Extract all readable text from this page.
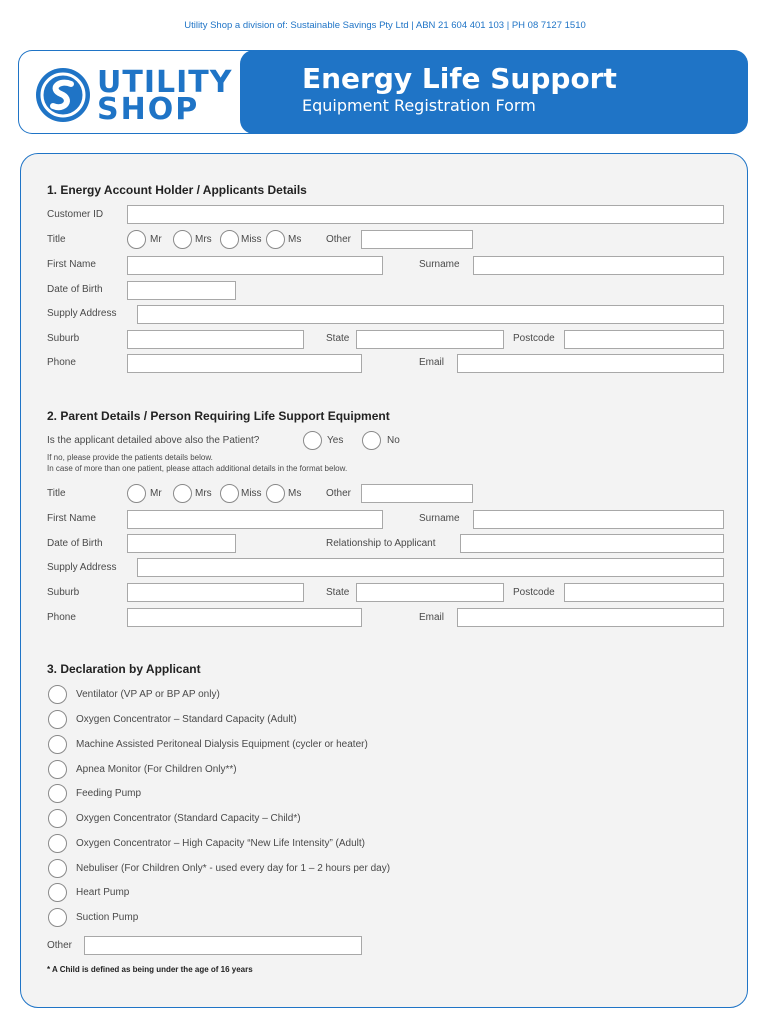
Utility Shop a division of: Sustainable Savings Pty Ltd | ABN 21 604 401 103 | PH 08 7127 1510
UTILITY
SHOP
Energy Life Support
Equipment Registration Form
1. Energy Account Holder / Applicants Details
Customer ID
Title	Mr	Mrs	Miss	Ms Other
First Name	Surname
Date of Birth
Supply Address
Suburb	State	Postcode
Phone	Email
2. Parent Details / Person Requiring Life Support Equipment
Is the applicant detailed above also the Patient?	Yes	No
If no, please provide the patients details below.
In case of more than one patient, please attach additional details in the format below.
Title	Mr	Mrs	Miss	Ms Other
First Name	Surname
Date of Birth	Relationship to Applicant
Supply Address
Suburb	State	Postcode
Phone	Email
3. Declaration by Applicant
Ventilator (VP AP or BP AP only)
Oxygen Concentrator – Standard Capacity (Adult)
Machine Assisted Peritoneal Dialysis Equipment (cycler or heater)
Apnea Monitor (For Children Only**)
Feeding Pump
Oxygen Concentrator (Standard Capacity – Child*)
Oxygen Concentrator – High Capacity “New Life Intensity” (Adult)
Nebuliser (For Children Only* - used every day for 1 – 2 hours per day)
Heart Pump
Suction Pump
Other
* A Child is defined as being under the age of 16 years
